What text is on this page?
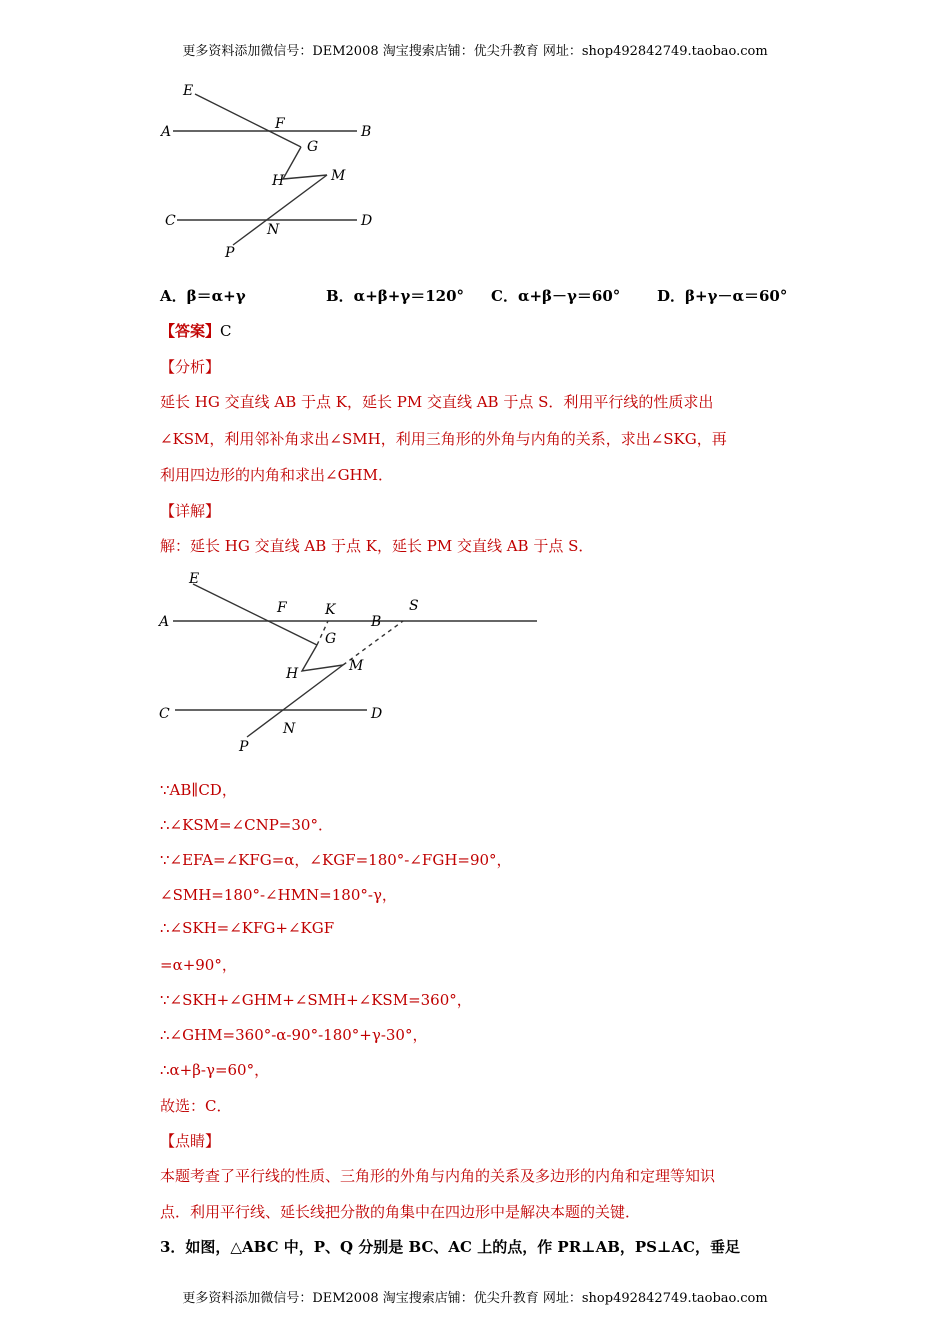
更多资料添加微信号：DEM2008 淘宝搜索店铺：优尖升教育 网址：shop492842749.taobao.com
E
A	F	B
G
H	M
C	D
N
P
A．β＝α+γ	B．α+β+γ＝120° C．α+β－γ＝60° D．β+γ－α＝60°
【答案】C
【分析】
延长 HG 交直线 AB 于点 K，延长 PM 交直线 AB 于点 S．利用平行线的性质求出
∠KSM，利用邻补角求出∠SMH，利用三角形的外角与内角的关系，求出∠SKG，再
利用四边形的内角和求出∠GHM．
【详解】
解：延长 HG 交直线 AB 于点 K，延长 PM 交直线 AB 于点 S．
E
A
F	K
B
S
G
H	M
C	D
N
P
∵AB∥CD，
∴∠KSM=∠CNP=30°．
∵∠EFA=∠KFG=α，∠KGF=180°-∠FGH=90°，
∠SMH=180°-∠HMN=180°-γ，
∴∠SKH=∠KFG+∠KGF
=α+90°，
∵∠SKH+∠GHM+∠SMH+∠KSM=360°，
∴∠GHM=360°-α-90°-180°+γ-30°，
∴α+β-γ=60°，
故选：C．
【点睛】
本题考查了平行线的性质、三角形的外角与内角的关系及多边形的内角和定理等知识
点．利用平行线、延长线把分散的角集中在四边形中是解决本题的关键．
3．如图，△ABC 中，P、Q 分别是 BC、AC 上的点，作 PR⊥AB，PS⊥AC，垂足
更多资料添加微信号：DEM2008 淘宝搜索店铺：优尖升教育 网址：shop492842749.taobao.com
